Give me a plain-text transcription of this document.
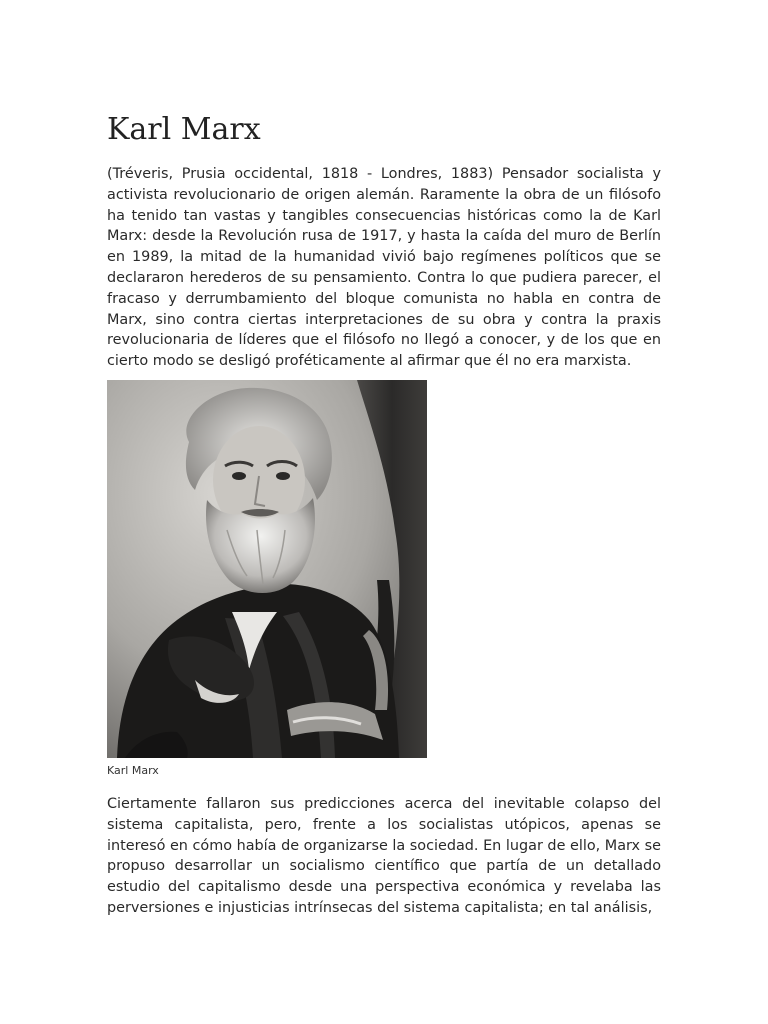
Karl Marx

(Tréveris, Prusia occidental, 1818 - Londres, 1883) Pensador socialista y activista revolucionario de origen alemán. Raramente la obra de un filósofo ha tenido tan vastas y tangibles consecuencias históricas como la de Karl Marx: desde la Revolución rusa de 1917, y hasta la caída del muro de Berlín en 1989, la mitad de la humanidad vivió bajo regímenes políticos que se declararon herederos de su pensamiento. Contra lo que pudiera parecer, el fracaso y derrumbamiento del bloque comunista no habla en contra de Marx, sino contra ciertas interpretaciones de su obra y contra la praxis revolucionaria de líderes que el filósofo no llegó a conocer, y de los que en cierto modo se desligó proféticamente al afirmar que él no era marxista.

Karl Marx

Ciertamente fallaron sus predicciones acerca del inevitable colapso del sistema capitalista, pero, frente a los socialistas utópicos, apenas se interesó en cómo había de organizarse la sociedad. En lugar de ello, Marx se propuso desarrollar un socialismo científico que partía de un detallado estudio del capitalismo desde una perspectiva económica y revelaba las perversiones e injusticias intrínsecas del sistema capitalista; en tal análisis,
